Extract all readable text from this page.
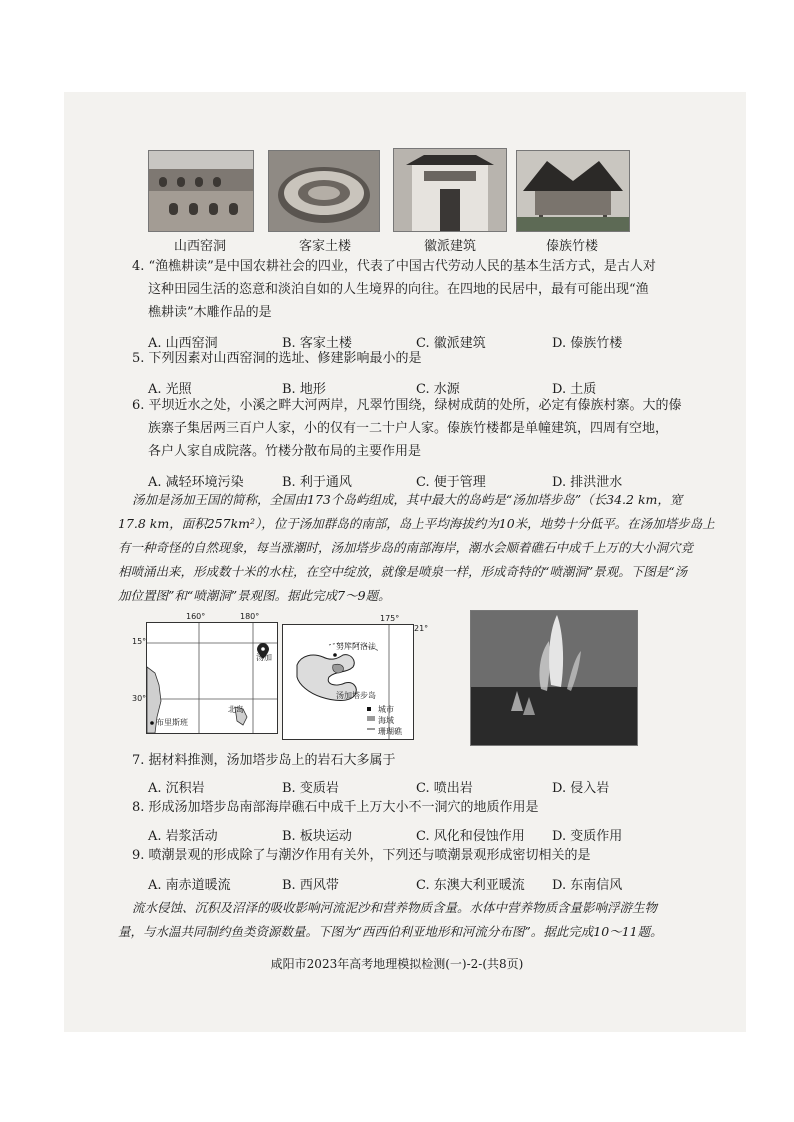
山西窑洞	客家土楼	徽派建筑	傣族竹楼
4. “渔樵耕读”是中国农耕社会的四业，代表了中国古代劳动人民的基本生活方式，是古人对
这种田园生活的恣意和淡泊自如的人生境界的向往。在四地的民居中，最有可能出现“渔
樵耕读”木雕作品的是
A. 山西窑洞	B. 客家土楼	C. 徽派建筑	D. 傣族竹楼
5. 下列因素对山西窑洞的选址、修建影响最小的是
A. 光照	B. 地形	C. 水源	D. 土质
6. 平坝近水之处，小溪之畔大河两岸，凡翠竹围绕，绿树成荫的处所，必定有傣族村寨。大的傣
族寨子集居两三百户人家，小的仅有一二十户人家。傣族竹楼都是单幢建筑，四周有空地，
各户人家自成院落。竹楼分散布局的主要作用是
A. 减轻环境污染	B. 利于通风	C. 便于管理	D. 排洪泄水
汤加是汤加王国的简称，全国由173个岛屿组成，其中最大的岛屿是“汤加塔步岛”（长34.2 km，宽
17.8 km，面积257km²），位于汤加群岛的南部，岛上平均海拔约为10米，地势十分低平。在汤加塔步岛上
有一种奇怪的自然现象，每当涨潮时，汤加塔步岛的南部海岸，潮水会顺着礁石中成千上万的大小洞穴竞
相喷涌出来，形成数十米的水柱，在空中绽放，就像是喷泉一样，形成奇特的“喷潮洞”景观。下图是“汤
加位置图”和“喷潮洞”景观图。据此完成7～9题。
160°	180°
15°
30°
汤加
布里斯班
北岛
175°
21°
努库阿洛法
汤加塔步岛
城市
海域
珊瑚礁
7. 据材料推测，汤加塔步岛上的岩石大多属于
A. 沉积岩	B. 变质岩	C. 喷出岩	D. 侵入岩
8. 形成汤加塔步岛南部海岸礁石中成千上万大小不一洞穴的地质作用是
A. 岩浆活动	B. 板块运动	C. 风化和侵蚀作用 D. 变质作用
9. 喷潮景观的形成除了与潮汐作用有关外，下列还与喷潮景观形成密切相关的是
A. 南赤道暖流	B. 西风带	C. 东澳大利亚暖流 D. 东南信风
流水侵蚀、沉积及沼泽的吸收影响河流泥沙和营养物质含量。水体中营养物质含量影响浮游生物
量，与水温共同制约鱼类资源数量。下图为“西西伯利亚地形和河流分布图”。据此完成10～11题。
咸阳市2023年高考地理模拟检测(一)-2-(共8页)
